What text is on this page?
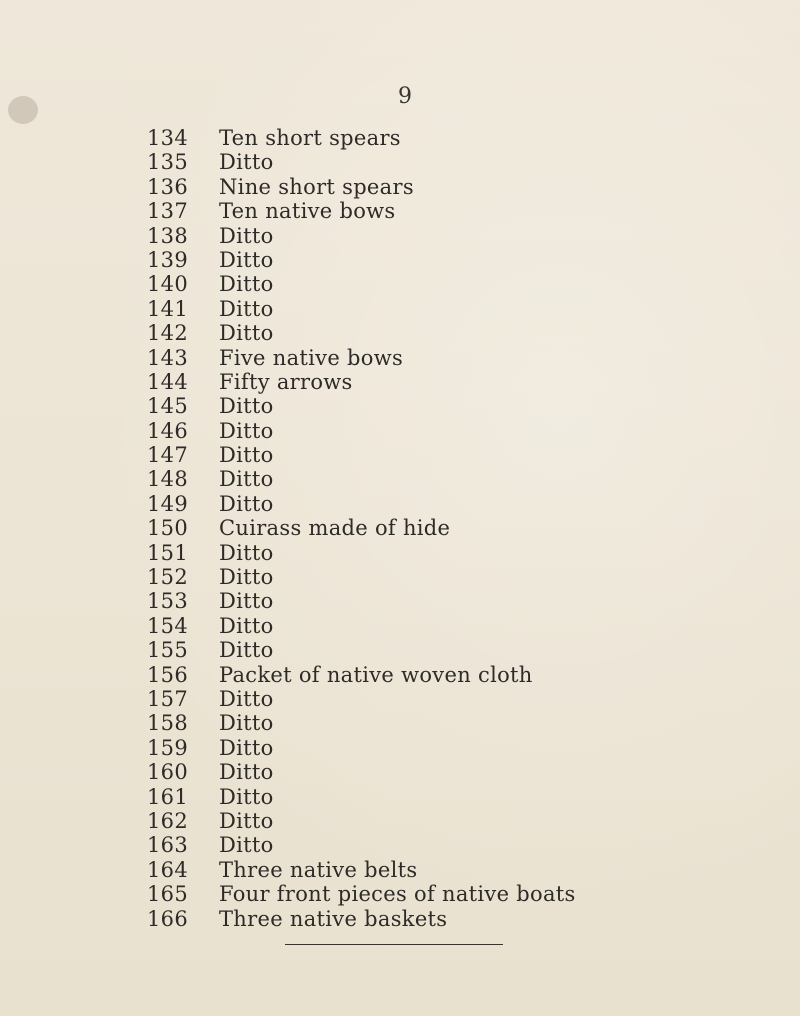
9
134	Ten short spears
135	Ditto
136	Nine short spears
137	Ten native bows
138	Ditto
139	Ditto
140	Ditto
141	Ditto
142	Ditto
143	Five native bows
144	Fifty arrows
145	Ditto
146	Ditto
147	Ditto
148	Ditto
149	Ditto
150	Cuirass made of hide
151	Ditto
152	Ditto
153	Ditto
154	Ditto
155	Ditto
156	Packet of native woven cloth
157	Ditto
158	Ditto
159	Ditto
160	Ditto
161	Ditto
162	Ditto
163	Ditto
164	Three native belts
165	Four front pieces of native boats
166	Three native baskets
